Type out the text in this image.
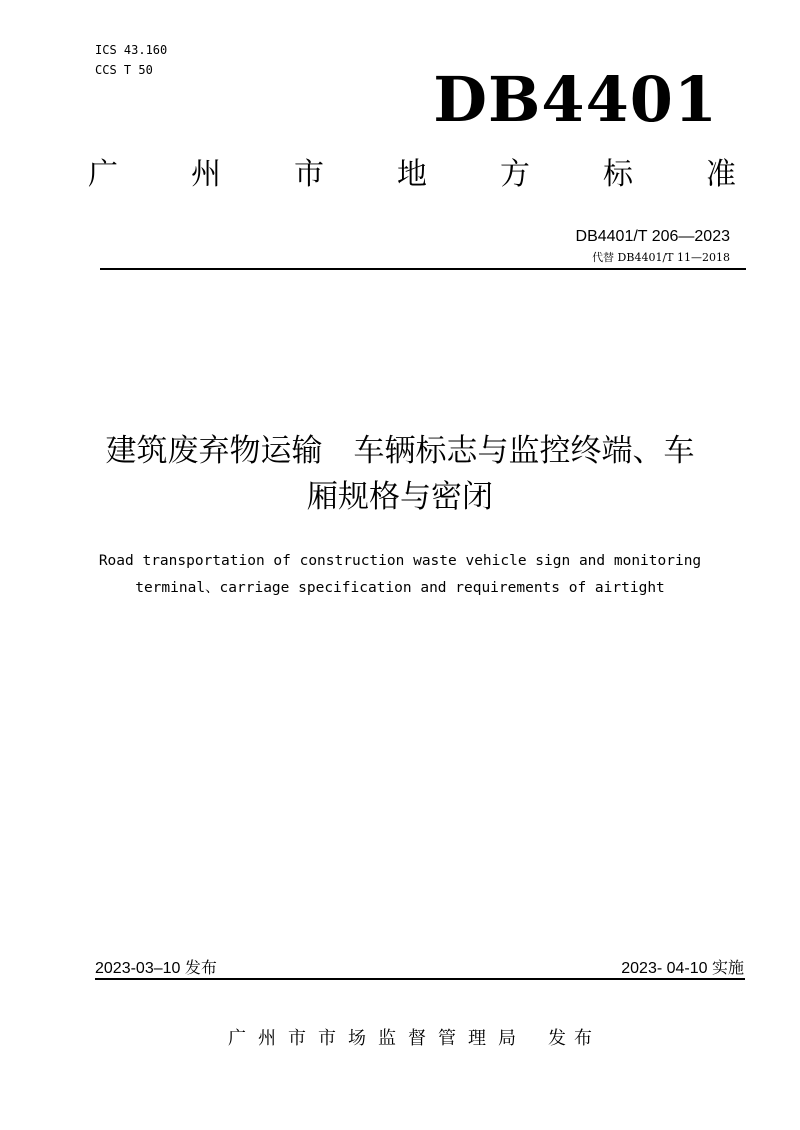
ICS 43.160
CCS T 50	DB4401
广 州 市 地 方 标 准
DB4401/T 206—2023
代替 DB4401/T 11—2018
建筑废弃物运输　车辆标志与监控终端、车
厢规格与密闭
Road transportation of construction waste vehicle sign and monitoring
terminal、carriage specification and requirements of airtight
2023-03–10 发布	2023- 04-10 实施
广州市市场监督管理局 发布
